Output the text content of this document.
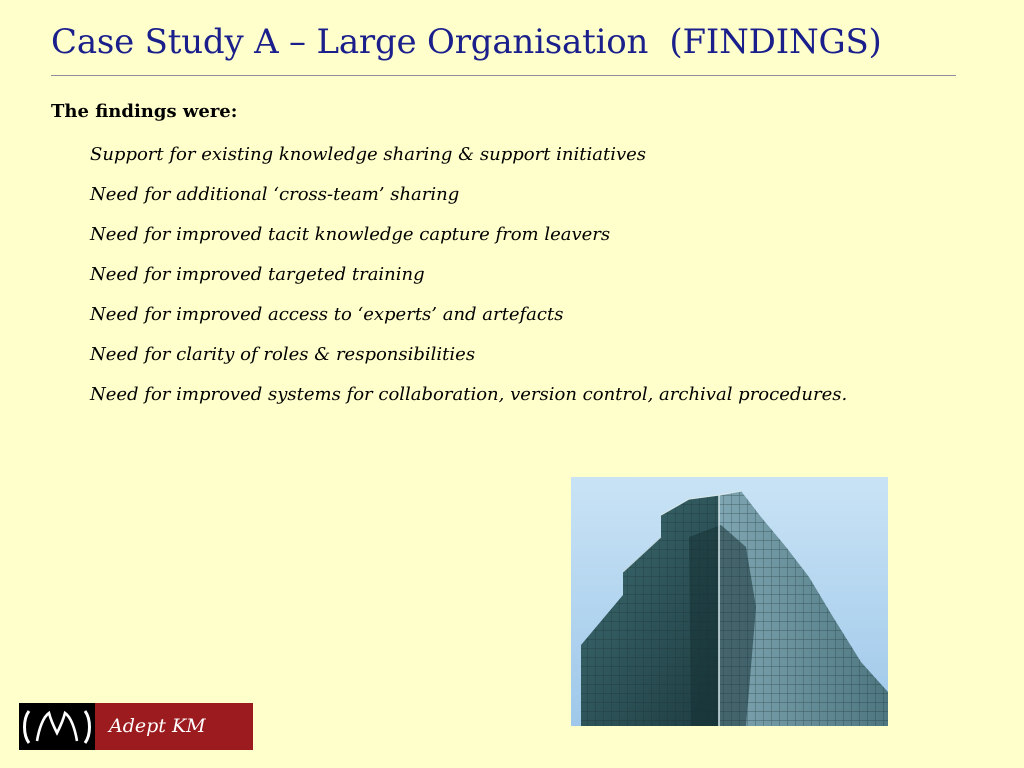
Case Study A – Large Organisation  (FINDINGS)
The findings were:
Support for existing knowledge sharing & support initiatives
Need for additional ‘cross-team’ sharing
Need for improved tacit knowledge capture from leavers
Need for improved targeted training
Need for improved access to ‘experts’ and artefacts
Need for clarity of roles & responsibilities
Need for improved systems for collaboration, version control, archival procedures.
Adept KM
